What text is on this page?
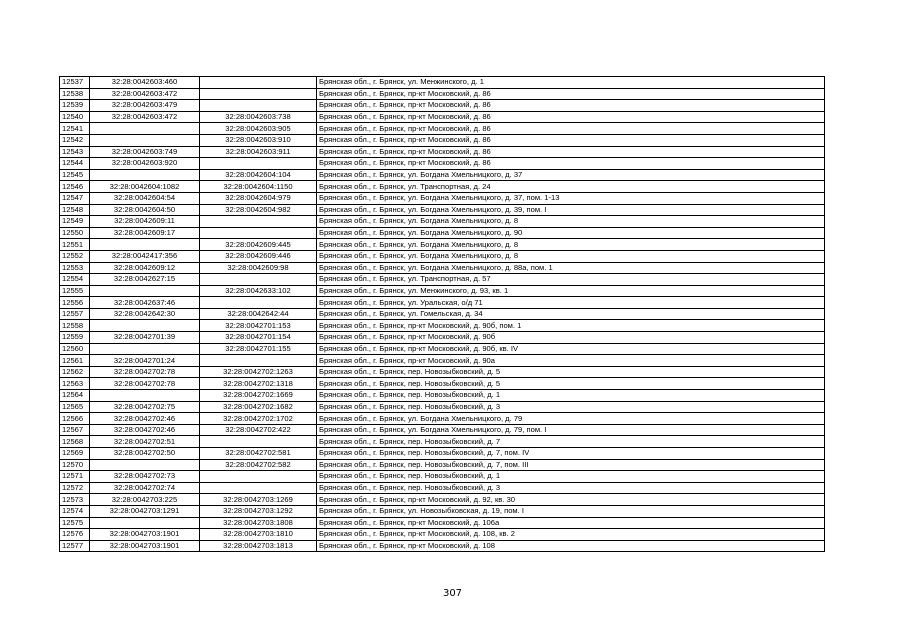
12537	32:28:0042603:460		Брянская обл., г. Брянск, ул. Менжинского, д. 1
12538	32:28:0042603:472		Брянская обл., г. Брянск, пр-кт Московский, д. 86
12539	32:28:0042603:479		Брянская обл., г. Брянск, пр-кт Московский, д. 86
12540	32:28:0042603:472	32:28:0042603:738	Брянская обл., г. Брянск, пр-кт Московский, д. 86
12541		32:28:0042603:905	Брянская обл., г. Брянск, пр-кт Московский, д. 86
12542		32:28:0042603:910	Брянская обл., г. Брянск, пр-кт Московский, д. 86
12543	32:28:0042603:749	32:28:0042603:911	Брянская обл., г. Брянск, пр-кт Московский, д. 86
12544	32:28:0042603:920		Брянская обл., г. Брянск, пр-кт Московский, д. 86
12545		32:28:0042604:104	Брянская обл., г. Брянск, ул. Богдана Хмельницкого, д. 37
12546	32:28:0042604:1082	32:28:0042604:1150	Брянская обл., г. Брянск, ул. Транспортная, д. 24
12547	32:28:0042604:54	32:28:0042604:979	Брянская обл., г. Брянск, ул. Богдана Хмельницкого, д. 37, пом. 1-13
12548	32:28:0042604:50	32:28:0042604:982	Брянская обл., г. Брянск, ул. Богдана Хмельницкого, д. 39, пом. I
12549	32:28:0042609:11		Брянская обл., г. Брянск, ул. Богдана Хмельницкого, д. 8
12550	32:28:0042609:17		Брянская обл., г. Брянск, ул. Богдана Хмельницкого, д. 90
12551		32:28:0042609:445	Брянская обл., г. Брянск, ул. Богдана Хмельницкого, д. 8
12552	32:28:0042417:356	32:28:0042609:446	Брянская обл., г. Брянск, ул. Богдана Хмельницкого, д. 8
12553	32:28:0042609:12	32:28:0042609:98	Брянская обл., г. Брянск, ул. Богдана Хмельницкого, д. 88а, пом. 1
12554	32:28:0042627:15		Брянская обл., г. Брянск, ул. Транспортная, д. 57
12555		32:28:0042633:102	Брянская обл., г. Брянск, ул. Менжинского, д. 93, кв. 1
12556	32:28:0042637:46		Брянская обл., г. Брянск, ул. Уральская, о/д 71
12557	32:28:0042642:30	32:28:0042642:44	Брянская обл., г. Брянск, ул. Гомельская, д. 34
12558		32:28:0042701:153	Брянская обл., г. Брянск, пр-кт Московский, д. 90б, пом. 1
12559	32:28:0042701:39	32:28:0042701:154	Брянская обл., г. Брянск, пр-кт Московский, д. 90б
12560		32:28:0042701:155	Брянская обл., г. Брянск, пр-кт Московский, д. 90б, кв. IV
12561	32:28:0042701:24		Брянская обл., г. Брянск, пр-кт Московский, д. 90а
12562	32:28:0042702:78	32:28:0042702:1263	Брянская обл., г. Брянск, пер. Новозыбковский, д. 5
12563	32:28:0042702:78	32:28:0042702:1318	Брянская обл., г. Брянск, пер. Новозыбковский, д. 5
12564		32:28:0042702:1669	Брянская обл., г. Брянск, пер. Новозыбковский, д. 1
12565	32:28:0042702:75	32:28:0042702:1682	Брянская обл., г. Брянск, пер. Новозыбковский, д. 3
12566	32:28:0042702:46	32:28:0042702:1702	Брянская обл., г. Брянск, ул. Богдана Хмельницкого, д. 79
12567	32:28:0042702:46	32:28:0042702:422	Брянская обл., г. Брянск, ул. Богдана Хмельницкого, д. 79, пом. I
12568	32:28:0042702:51		Брянская обл., г. Брянск, пер. Новозыбковский, д. 7
12569	32:28:0042702:50	32:28:0042702:581	Брянская обл., г. Брянск, пер. Новозыбковский, д. 7, пом. IV
12570		32:28:0042702:582	Брянская обл., г. Брянск, пер. Новозыбковский, д. 7, пом. III
12571	32:28:0042702:73		Брянская обл., г. Брянск, пер. Новозыбковский, д. 1
12572	32:28:0042702:74		Брянская обл., г. Брянск, пер. Новозыбковский, д. 3
12573	32:28:0042703:225	32:28:0042703:1269	Брянская обл., г. Брянск, пр-кт Московский, д. 92, кв. 30
12574	32:28:0042703:1291	32:28:0042703:1292	Брянская обл., г. Брянск, ул. Новозыбковская, д. 19, пом. I
12575		32:28:0042703:1808	Брянская обл., г. Брянск, пр-кт Московский, д. 106а
12576	32:28:0042703:1901	32:28:0042703:1810	Брянская обл., г. Брянск, пр-кт Московский, д. 108, кв. 2
12577	32:28:0042703:1901	32:28:0042703:1813	Брянская обл., г. Брянск, пр-кт Московский, д. 108
307
